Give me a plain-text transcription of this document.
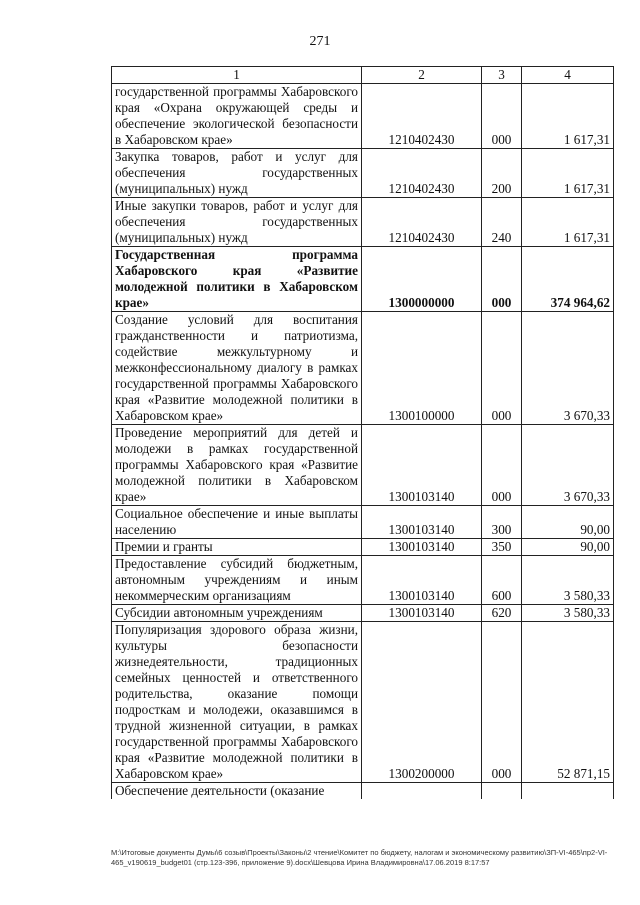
271
1	2	3	4
государственной программы Хабаровского края «Охрана окружающей среды и обеспечение экологической безопасности в Хабаровском крае»	1210402430	000	1 617,31
Закупка товаров, работ и услуг для обеспечения государственных (муниципальных) нужд	1210402430	200	1 617,31
Иные закупки товаров, работ и услуг для обеспечения государственных (муниципальных) нужд	1210402430	240	1 617,31
Государственная программа Хабаровского края «Развитие молодежной политики в Хабаровском крае»	1300000000	000	374 964,62
Создание условий для воспитания гражданственности и патриотизма, содействие межкультурному и межконфессиональному диалогу в рамках государственной программы Хабаровского края «Развитие молодежной политики в Хабаровском крае»	1300100000	000	3 670,33
Проведение мероприятий для детей и молодежи в рамках государственной программы Хабаровского края «Развитие молодежной политики в Хабаровском крае»	1300103140	000	3 670,33
Социальное обеспечение и иные выплаты населению	1300103140	300	90,00
Премии и гранты	1300103140	350	90,00
Предоставление субсидий бюджетным, автономным учреждениям и иным некоммерческим организациям	1300103140	600	3 580,33
Субсидии автономным учреждениям	1300103140	620	3 580,33
Популяризация здорового образа жизни, культуры безопасности жизнедеятельности, традиционных семейных ценностей и ответственного родительства, оказание помощи подросткам и молодежи, оказавшимся в трудной жизненной ситуации, в рамках государственной программы Хабаровского края «Развитие молодежной политики в Хабаровском крае»	1300200000	000	52 871,15
Обеспечение деятельности (оказание			
M:\Итоговые документы Думы\6 созыв\Проекты\Законы\2 чтение\Комитет по бюджету, налогам и экономическому развитию\ЗП-VI-465\пр2-VI-465_v190619_budget01 (стр.123-396, приложение 9).docx\Шевцова Ирина Владимировна\17.06.2019 8:17:57
